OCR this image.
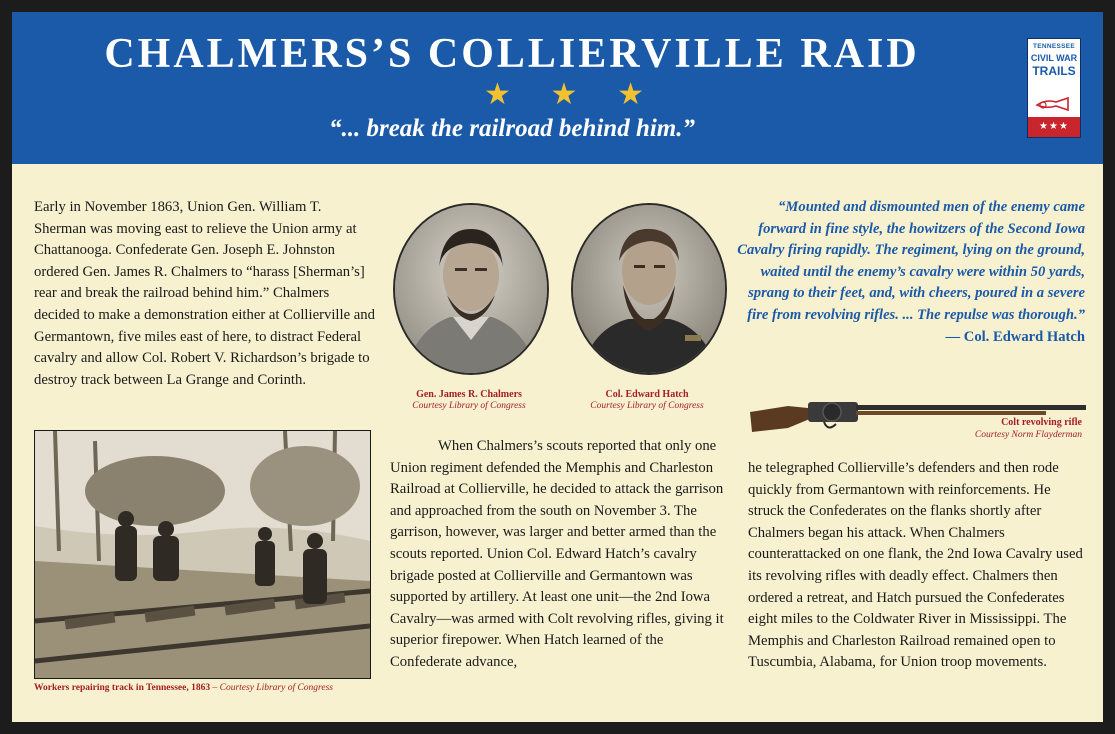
CHALMERS’S COLLIERVILLE RAID
★ ★ ★
“... break the railroad behind him.”
TENNESSEE
CIVIL WAR
TRAILS
★★★

Early in November 1863, Union Gen. William T. Sherman was moving east to relieve the Union army at Chattanooga. Confederate Gen. Joseph E. Johnston ordered Gen. James R. Chalmers to “harass [Sherman’s] rear and break the railroad behind him.” Chalmers decided to make a demonstration either at Collierville and Germantown, five miles east of here, to distract Federal cavalry and allow Col. Robert V. Richardson’s brigade to destroy track between La Grange and Corinth.

Gen. James R. Chalmers
Courtesy Library of Congress
Col. Edward Hatch
Courtesy Library of Congress

“Mounted and dismounted men of the enemy came forward in fine style, the howitzers of the Second Iowa Cavalry firing rapidly. The regiment, lying on the ground, waited until the enemy’s cavalry were within 50 yards, sprang to their feet, and, with cheers, poured in a severe fire from revolving rifles. ... The repulse was thorough.” — Col. Edward Hatch

Colt revolving rifle
Courtesy Norm Flayderman
Workers repairing track in Tennessee, 1863 – Courtesy Library of Congress

When Chalmers’s scouts reported that only one Union regiment defended the Memphis and Charleston Railroad at Collierville, he decided to attack the garrison and approached from the south on November 3. The garrison, however, was larger and better armed than the scouts reported. Union Col. Edward Hatch’s cavalry brigade posted at Collierville and Germantown was supported by artillery. At least one unit—the 2nd Iowa Cavalry—was armed with Colt revolving rifles, giving it superior firepower. When Hatch learned of the Confederate advance,

he telegraphed Collierville’s defenders and then rode quickly from Germantown with reinforcements. He struck the Confederates on the flanks shortly after Chalmers began his attack. When Chalmers counterattacked on one flank, the 2nd Iowa Cavalry used its revolving rifles with deadly effect. Chalmers then ordered a retreat, and Hatch pursued the Confederates eight miles to the Coldwater River in Mississippi. The Memphis and Charleston Railroad remained open to Tuscumbia, Alabama, for Union troop movements.
